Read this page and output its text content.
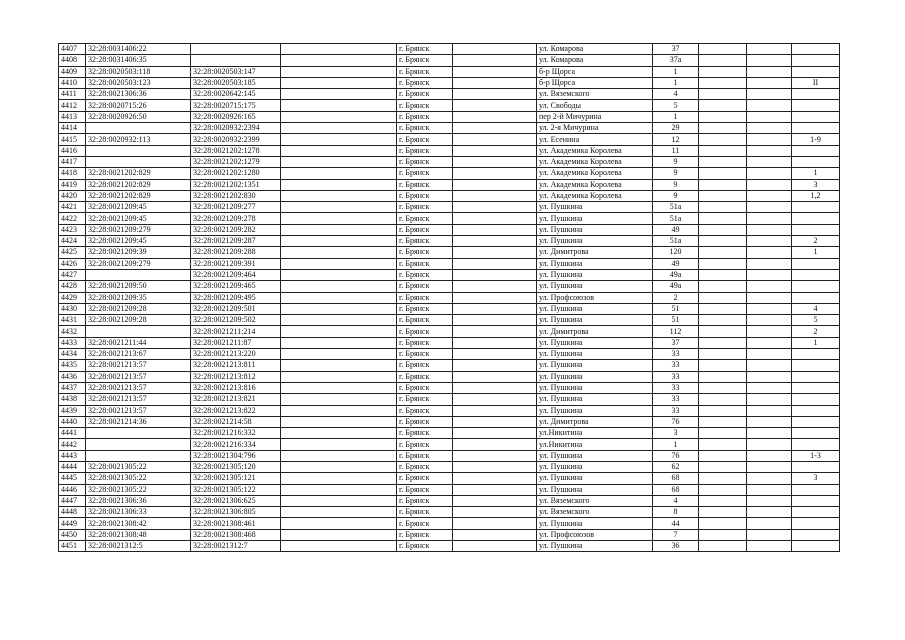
4407	32:28:0031406:22			г. Брянск		ул. Комарова	37			
4408	32:28:0031406:35			г. Брянск		ул. Комарова	37а			
4409	32:28:0020503:118	32:28:0020503:147		г. Брянск		б-р Щорса	1			
4410	32:28:0020503:123	32:28:0020503:185		г. Брянск		б-р Щорса	1			II
4411	32:28:0021306:36	32:28:0020642:145		г. Брянск		ул. Вяземского	4			
4412	32:28:0020715:26	32:28:0020715:175		г. Брянск		ул. Свободы	5			
4413	32:28:0020926:50	32:28:0020926:165		г. Брянск		пер 2-й Мичурина	1			
4414		32:28:0020932:2394		г. Брянск		ул. 2-я Мичурина	29			
4415	32:28:0020932:113	32:28:0020932:2399		г. Брянск		ул. Есенина	12			1-9
4416		32:28:0021202:1278		г. Брянск		ул. Академика Королева	11			
4417		32:28:0021202:1279		г. Брянск		ул. Академика Королева	9			
4418	32:28:0021202:829	32:28:0021202:1280		г. Брянск		ул. Академика Королева	9			1
4419	32:28:0021202:829	32:28:0021202:1351		г. Брянск		ул. Академика Королева	9			3
4420	32:28:0021202:829	32:28:0021202:830		г. Брянск		ул. Академика Королева	9			1,2
4421	32:28:0021209:45	32:28:0021209:277		г. Брянск		ул. Пушкина	51а			
4422	32:28:0021209:45	32:28:0021209:278		г. Брянск		ул. Пушкина	51а			
4423	32:28:0021209:279	32:28:0021209:282		г. Брянск		ул. Пушкина	49			
4424	32:28:0021209:45	32:28:0021209:287		г. Брянск		ул. Пушкина	51а			2
4425	32:28:0021209:39	32:28:0021209:288		г. Брянск		ул. Димитрова	120			1
4426	32:28:0021209:279	32:28:0021209:391		г. Брянск		ул. Пушкина	49			
4427		32:28:0021209:464		г. Брянск		ул. Пушкина	49а			
4428	32:28:0021209:50	32:28:0021209:465		г. Брянск		ул. Пушкина	49а			
4429	32:28:0021209:35	32:28:0021209:495		г. Брянск		ул. Профсоюзов	2			
4430	32:28:0021209:28	32:28:0021209:501		г. Брянск		ул. Пушкина	51			4
4431	32:28:0021209:28	32:28:0021209:502		г. Брянск		ул. Пушкина	51			5
4432		32:28:0021211:214		г. Брянск		ул. Димитрова	112			2
4433	32:28:0021211:44	32:28:0021211:87		г. Брянск		ул. Пушкина	37			1
4434	32:28:0021213:67	32:28:0021213:220		г. Брянск		ул. Пушкина	33			
4435	32:28:0021213:57	32:28:0021213:811		г. Брянск		ул. Пушкина	33			
4436	32:28:0021213:57	32:28:0021213:812		г. Брянск		ул. Пушкина	33			
4437	32:28:0021213:57	32:28:0021213:816		г. Брянск		ул. Пушкина	33			
4438	32:28:0021213:57	32:28:0021213:821		г. Брянск		ул. Пушкина	33			
4439	32:28:0021213:57	32:28:0021213:822		г. Брянск		ул. Пушкина	33			
4440	32:28:0021214:36	32:28:0021214:58		г. Брянск		ул. Димитрова	76			
4441		32:28:0021216:332		г. Брянск		ул.Никитина	3			
4442		32:28:0021216:334		г. Брянск		ул.Никитина	1			
4443		32:28:0021304:796		г. Брянск		ул. Пушкина	76			1-3
4444	32:28:0021305:22	32:28:0021305:120		г. Брянск		ул. Пушкина	62			
4445	32:28:0021305:22	32:28:0021305:121		г. Брянск		ул. Пушкина	68			3
4446	32:28:0021305:22	32:28:0021305:122		г. Брянск		ул. Пушкина	68			
4447	32:28:0021306:36	32:28:0021306:625		г. Брянск		ул. Вяземского	4			
4448	32:28:0021306:33	32:28:0021306:805		г. Брянск		ул. Вяземского	8			
4449	32:28:0021308:42	32:28:0021308:461		г. Брянск		ул. Пушкина	44			
4450	32:28:0021308:48	32:28:0021308:468		г. Брянск		ул. Профсоюзов	7			
4451	32:28:0021312:5	32:28:0021312:7		г. Брянск		ул. Пушкина	36			
